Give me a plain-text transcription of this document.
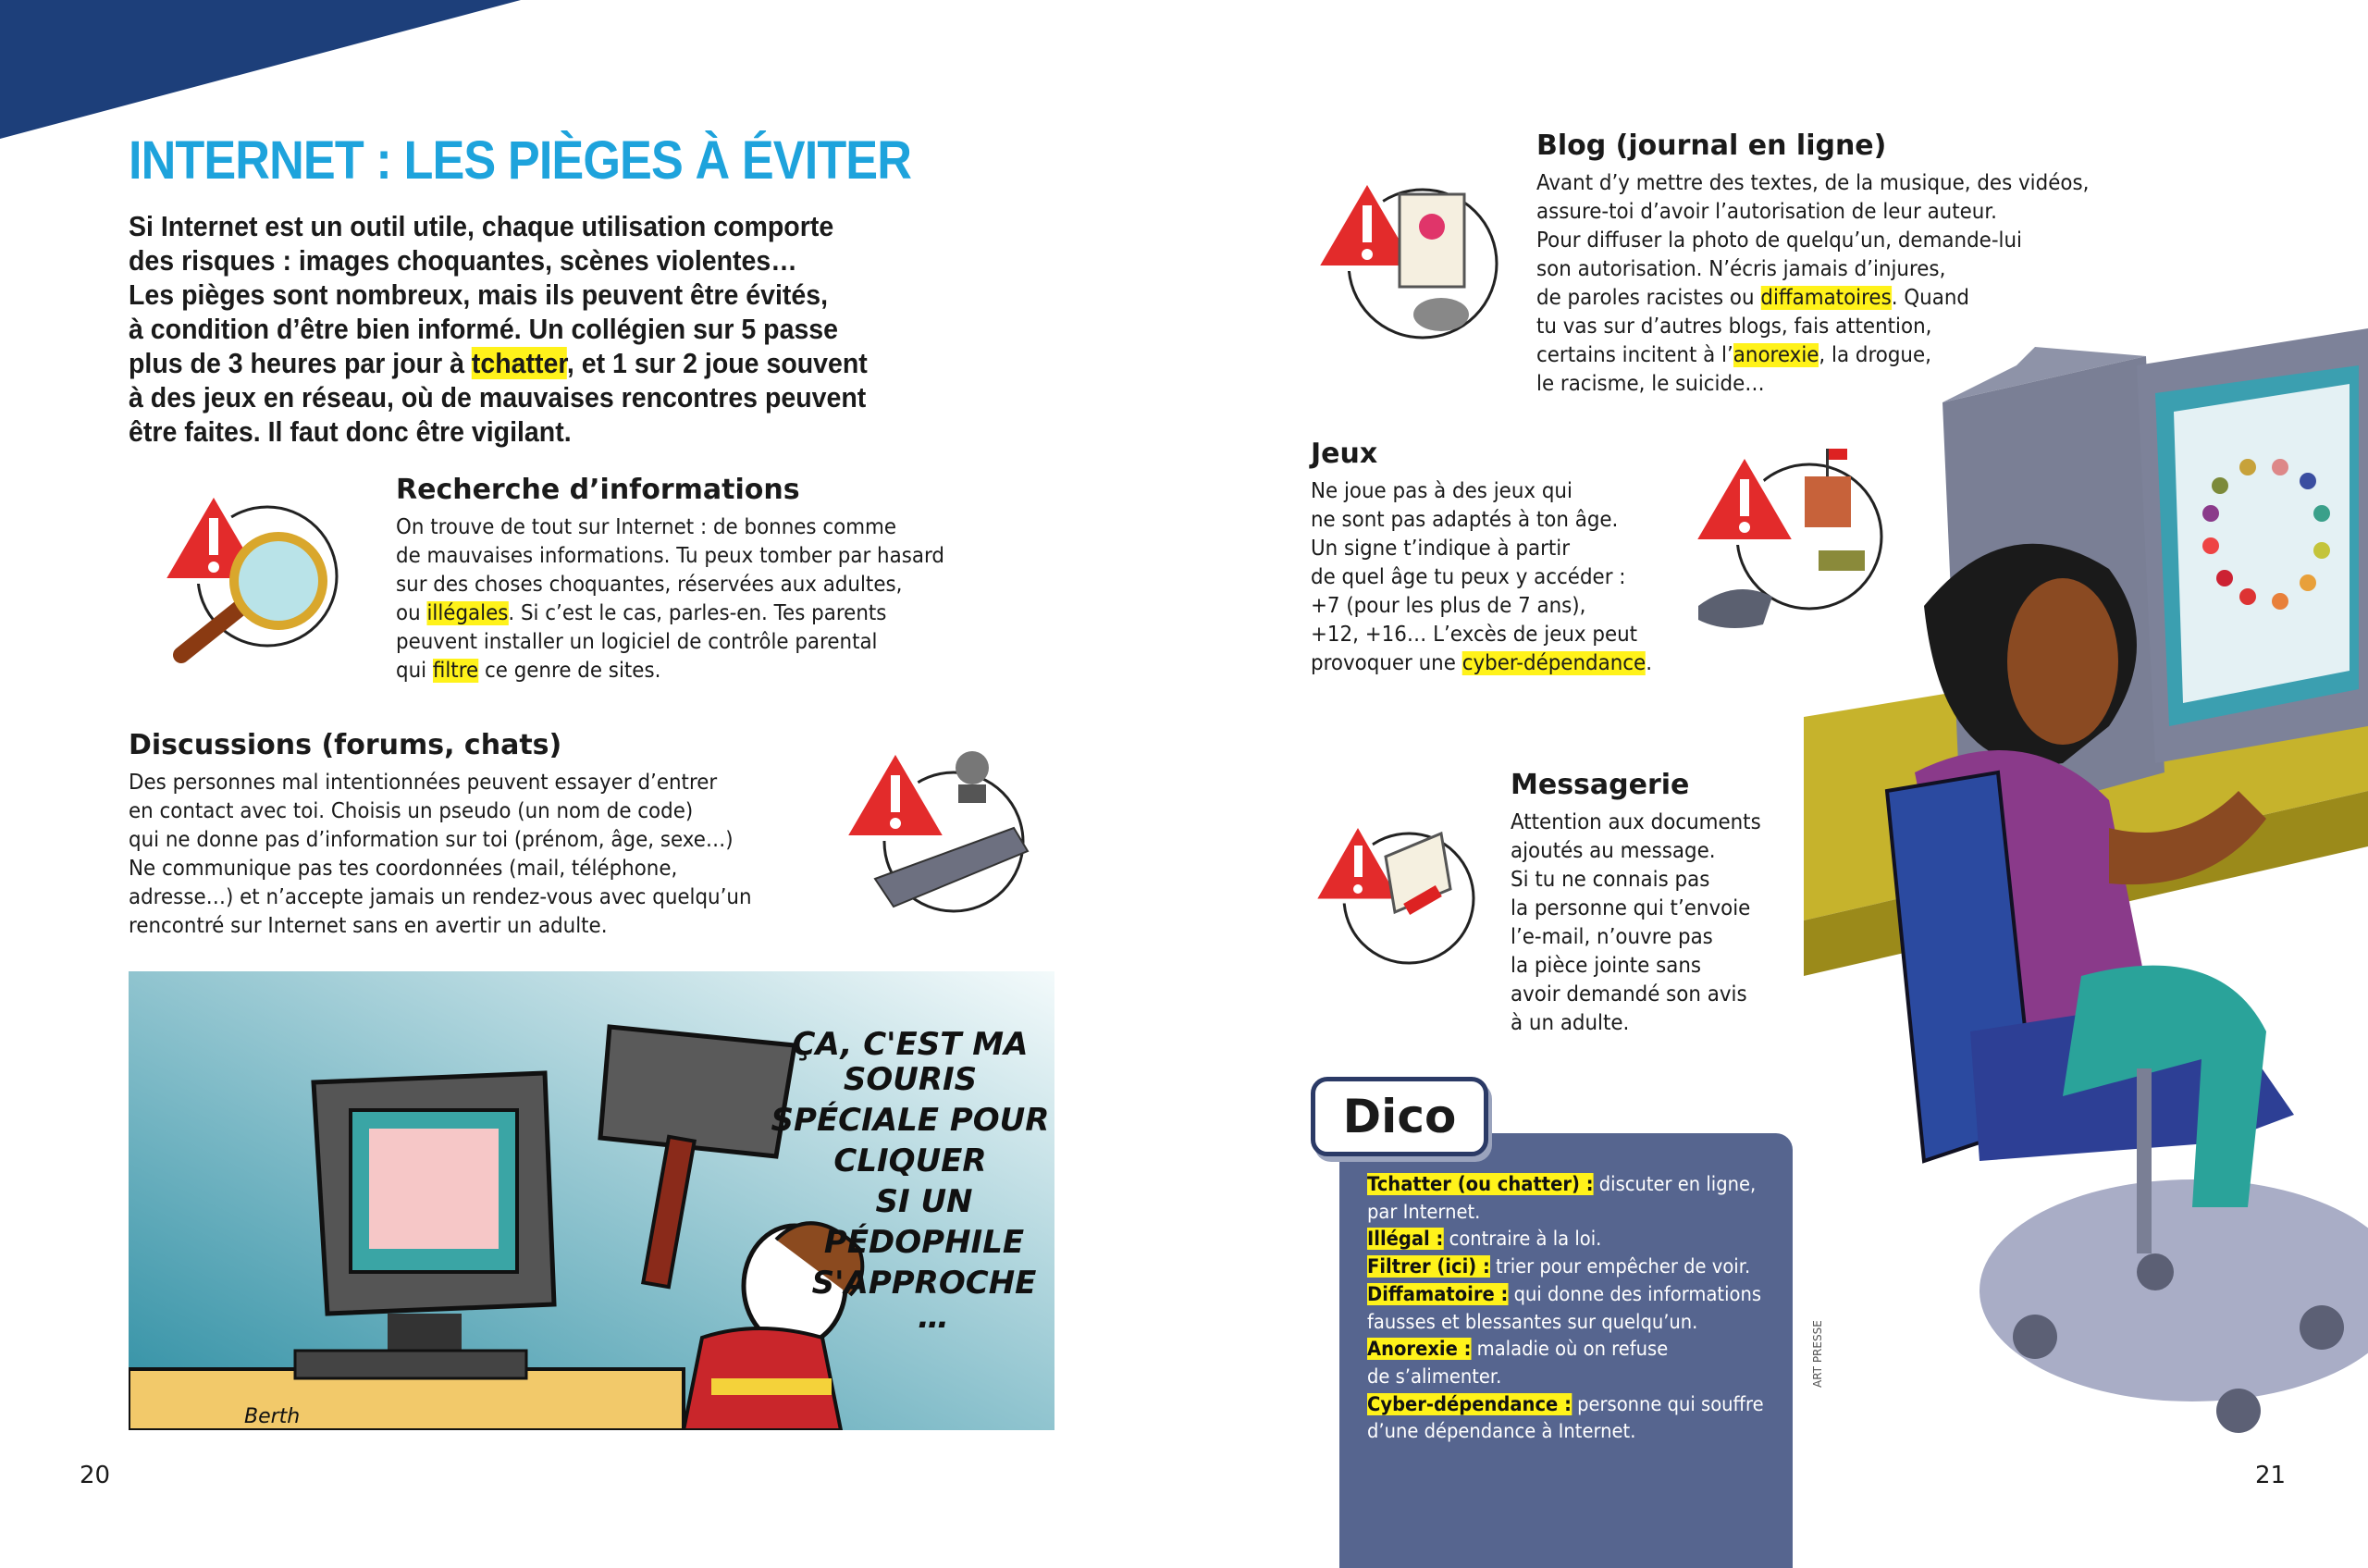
INTERNET : LES PIÈGES À ÉVITER
Si Internet est un outil utile, chaque utilisation comporte
des risques : images choquantes, scènes violentes…
Les pièges sont nombreux, mais ils peuvent être évités,
à condition d’être bien informé. Un collégien sur 5 passe
plus de 3 heures par jour à tchatter, et 1 sur 2 joue souvent
à des jeux en réseau, où de mauvaises rencontres peuvent
être faites. Il faut donc être vigilant.
Recherche d’informations
On trouve de tout sur Internet : de bonnes comme
de mauvaises informations. Tu peux tomber par hasard
sur des choses choquantes, réservées aux adultes,
ou illégales. Si c’est le cas, parles-en. Tes parents
peuvent installer un logiciel de contrôle parental
qui filtre ce genre de sites.
Discussions (forums, chats)
Des personnes mal intentionnées peuvent essayer d’entrer
en contact avec toi. Choisis un pseudo (un nom de code)
qui ne donne pas d’information sur toi (prénom, âge, sexe…)
Ne communique pas tes coordonnées (mail, téléphone,
adresse…) et n’accepte jamais un rendez-vous avec quelqu’un
rencontré sur Internet sans en avertir un adulte.
Berth
ÇA, C'EST MA
SOURIS
SPÉCIALE POUR
CLIQUER
SI UN
PÉDOPHILE
S'APPROCHE
…
20	21
Blog (journal en ligne)
Avant d’y mettre des textes, de la musique, des vidéos,
assure-toi d’avoir l’autorisation de leur auteur.
Pour diffuser la photo de quelqu’un, demande-lui
son autorisation. N’écris jamais d’injures,
de paroles racistes ou diffamatoires. Quand
tu vas sur d’autres blogs, fais attention,
certains incitent à l’anorexie, la drogue,
le racisme, le suicide…
Jeux
Ne joue pas à des jeux qui
ne sont pas adaptés à ton âge.
Un signe t’indique à partir
de quel âge tu peux y accéder :
+7 (pour les plus de 7 ans),
+12, +16… L’excès de jeux peut
provoquer une cyber-dépendance.
Messagerie
Attention aux documents
ajoutés au message.
Si tu ne connais pas
la personne qui t’envoie
l’e-mail, n’ouvre pas
la pièce jointe sans
avoir demandé son avis
à un adulte.
ART PRESSE
Dico
Tchatter (ou chatter) : discuter en ligne,
par Internet.
Illégal : contraire à la loi.
Filtrer (ici) : trier pour empêcher de voir.
Diffamatoire : qui donne des informations
fausses et blessantes sur quelqu’un.
Anorexie : maladie où on refuse
de s’alimenter.
Cyber-dépendance : personne qui souffre
d’une dépendance à Internet.
